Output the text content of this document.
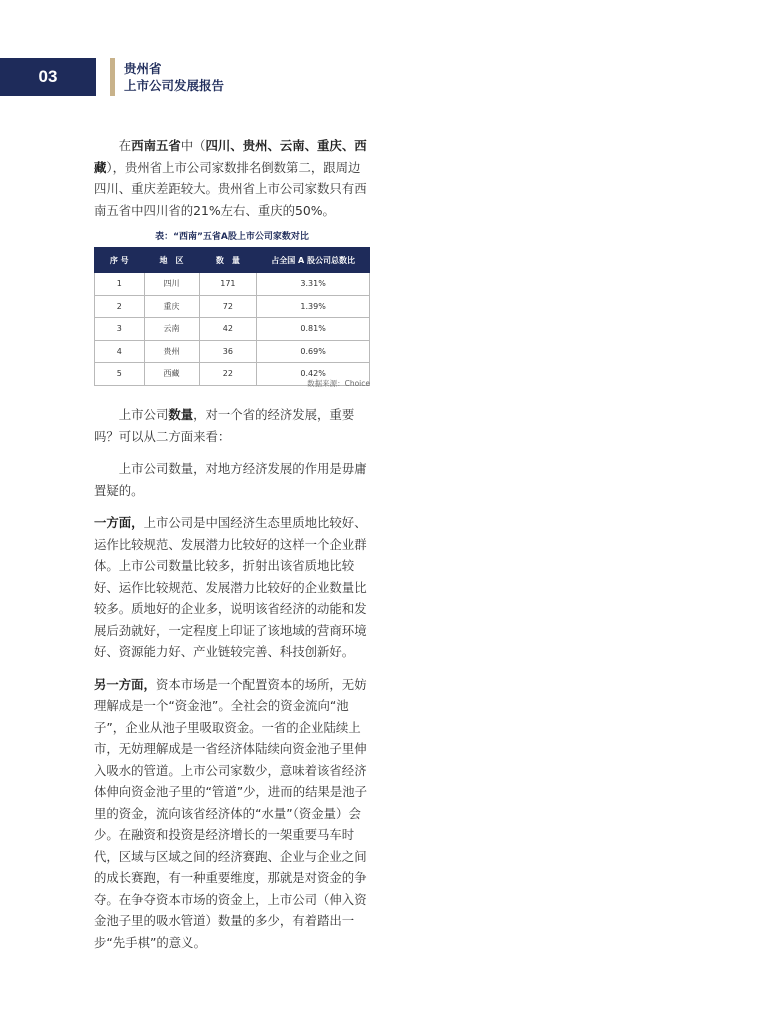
03	贵州省
上市公司发展报告

在西南五省中（四川、贵州、云南、重庆、西藏），贵州省上市公司家数排名倒数第二，跟周边四川、重庆差距较大。贵州省上市公司家数只有西南五省中四川省的21%左右、重庆的50%。

表：“西南”五省A股上市公司家数对比
序 号	地　区	数　量	占全国 A 股公司总数比
1	四川	171	3.31%
2	重庆	72	1.39%
3	云南	42	0.81%
4	贵州	36	0.69%
5	西藏	22	0.42%
数据来源：Choice

上市公司数量，对一个省的经济发展，重要吗？可以从二方面来看：

上市公司数量，对地方经济发展的作用是毋庸置疑的。

一方面，上市公司是中国经济生态里质地比较好、运作比较规范、发展潜力比较好的这样一个企业群体。上市公司数量比较多，折射出该省质地比较好、运作比较规范、发展潜力比较好的企业数量比较多。质地好的企业多，说明该省经济的动能和发展后劲就好，一定程度上印证了该地域的营商环境好、资源能力好、产业链较完善、科技创新好。

另一方面，资本市场是一个配置资本的场所，无妨理解成是一个“资金池”。全社会的资金流向“池子”，企业从池子里吸取资金。一省的企业陆续上市，无妨理解成是一省经济体陆续向资金池子里伸入吸水的管道。上市公司家数少，意味着该省经济体伸向资金池子里的“管道”少，进而的结果是池子里的资金，流向该省经济体的“水量”（资金量）会少。在融资和投资是经济增长的一架重要马车时代，区域与区域之间的经济赛跑、企业与企业之间的成长赛跑，有一种重要维度，那就是对资金的争夺。在争夺资本市场的资金上，上市公司（伸入资金池子里的吸水管道）数量的多少，有着踏出一步“先手棋”的意义。
